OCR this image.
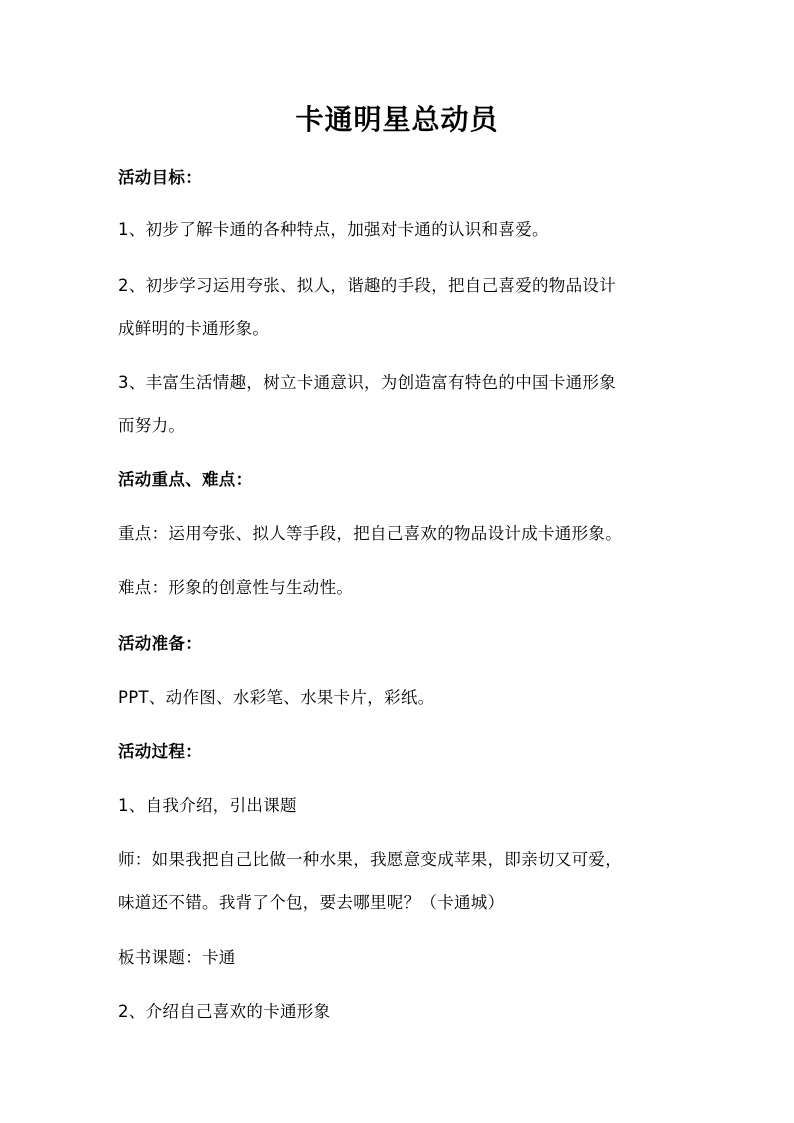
卡通明星总动员
活动目标：
1、初步了解卡通的各种特点，加强对卡通的认识和喜爱。
2、初步学习运用夸张、拟人，谐趣的手段，把自己喜爱的物品设计
成鲜明的卡通形象。
3、丰富生活情趣，树立卡通意识，为创造富有特色的中国卡通形象
而努力。
活动重点、难点：
重点：运用夸张、拟人等手段，把自己喜欢的物品设计成卡通形象。
难点：形象的创意性与生动性。
活动准备：
PPT、动作图、水彩笔、水果卡片，彩纸。
活动过程：
1、自我介绍，引出课题
师：如果我把自己比做一种水果，我愿意变成苹果，即亲切又可爱，
味道还不错。我背了个包，要去哪里呢？（卡通城）
板书课题：卡通
2、介绍自己喜欢的卡通形象
